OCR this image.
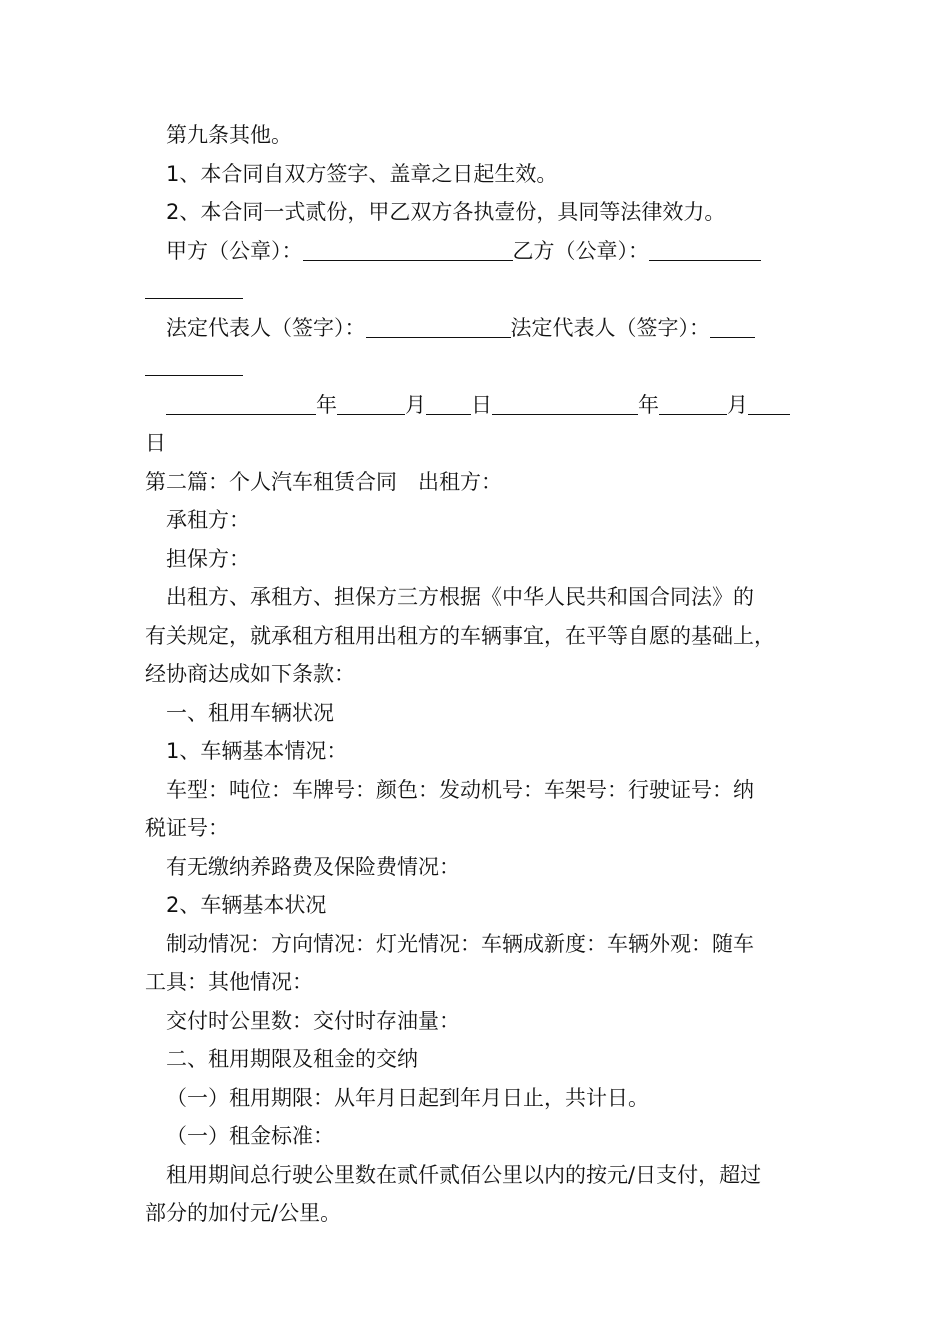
第九条其他。
1、本合同自双方签字、盖章之日起生效。
2、本合同一式贰份，甲乙双方各执壹份，具同等法律效力。
甲方（公章）：	乙方（公章）：
法定代表人（签字）：	法定代表人（签字）：
年	月 日	年	月
日
第二篇：个人汽车租赁合同　出租方：
承租方：
担保方：
出租方、承租方、担保方三方根据《中华人民共和国合同法》的
有关规定，就承租方租用出租方的车辆事宜，在平等自愿的基础上，
经协商达成如下条款：
一、租用车辆状况
1、车辆基本情况：
车型：吨位：车牌号：颜色：发动机号：车架号：行驶证号：纳
税证号：
有无缴纳养路费及保险费情况：
2、车辆基本状况
制动情况：方向情况：灯光情况：车辆成新度：车辆外观：随车
工具：其他情况：
交付时公里数：交付时存油量：
二、租用期限及租金的交纳
（一）租用期限：从年月日起到年月日止，共计日。
（一）租金标准：
租用期间总行驶公里数在贰仟贰佰公里以内的按元/日支付，超过
部分的加付元/公里。
